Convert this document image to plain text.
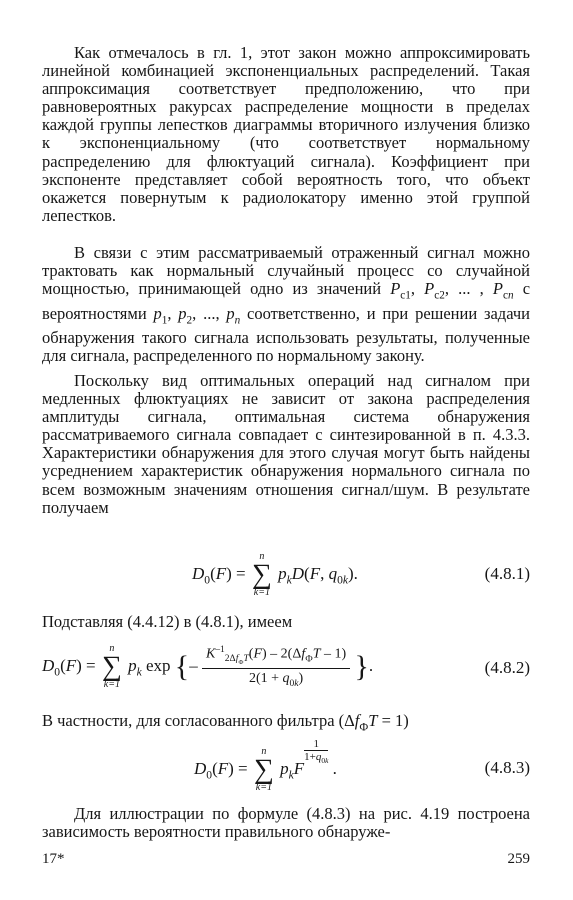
Как отмечалось в гл. 1, этот закон можно аппроксимировать линейной комбинацией экспоненциальных распределений. Такая аппроксимация соответствует предположению, что при равновероятных ракурсах распределение мощности в пределах каждой группы лепестков диаграммы вторичного излучения близко к экспоненциальному (что соответствует нормальному распределению для флюктуаций сигнала). Коэффициент при экспоненте представляет собой вероятность того, что объект окажется повернутым к радиолокатору именно этой группой лепестков.

В связи с этим рассматриваемый отраженный сигнал можно трактовать как нормальный случайный процесс со случайной мощностью, принимающей одно из значений $P_{c1}$, $P_{c2}$, ... , $P_{cn}$ с вероятностями $p_1$, $p_2$, ..., $p_n$ соответственно, и при решении задачи обнаружения такого сигнала использовать результаты, полученные для сигнала, распределенного по нормальному закону.

Поскольку вид оптимальных операций над сигналом при медленных флюктуациях не зависит от закона распределения амплитуды сигнала, оптимальная система обнаружения рассматриваемого сигнала совпадает с синтезированной в п. 4.3.3. Характеристики обнаружения для этого случая могут быть найдены усреднением характеристик обнаружения нормального сигнала по всем возможным значениям отношения сигнал/шум. В результате получаем

$D_0(F)$ =
n
∑
k=1
$p_kD(F$, $q_{0k}$).	(4.8.1)

Подставляя (4.4.12) в (4.8.1), имеем

$D_0(F)$ =
n
∑
k=1
$p_k$ exp {– $\frac{K^{-1}_{2\Delta f_ФT}(F) - 2(\Delta f_ФT - 1)}{2(1 + q_{0k})}$ }.	(4.8.2)

В частности, для согласованного фильтра $(\Delta f_ФT = 1)$

$D_0(F)$ =
n
∑
k=1
$p_kF$
$\frac{1}{1+q_{0k}}$ .	(4.8.3)

Для иллюстрации по формуле (4.8.3) на рис. 4.19 построена зависимость вероятности правильного обнаруже-

17*	259
